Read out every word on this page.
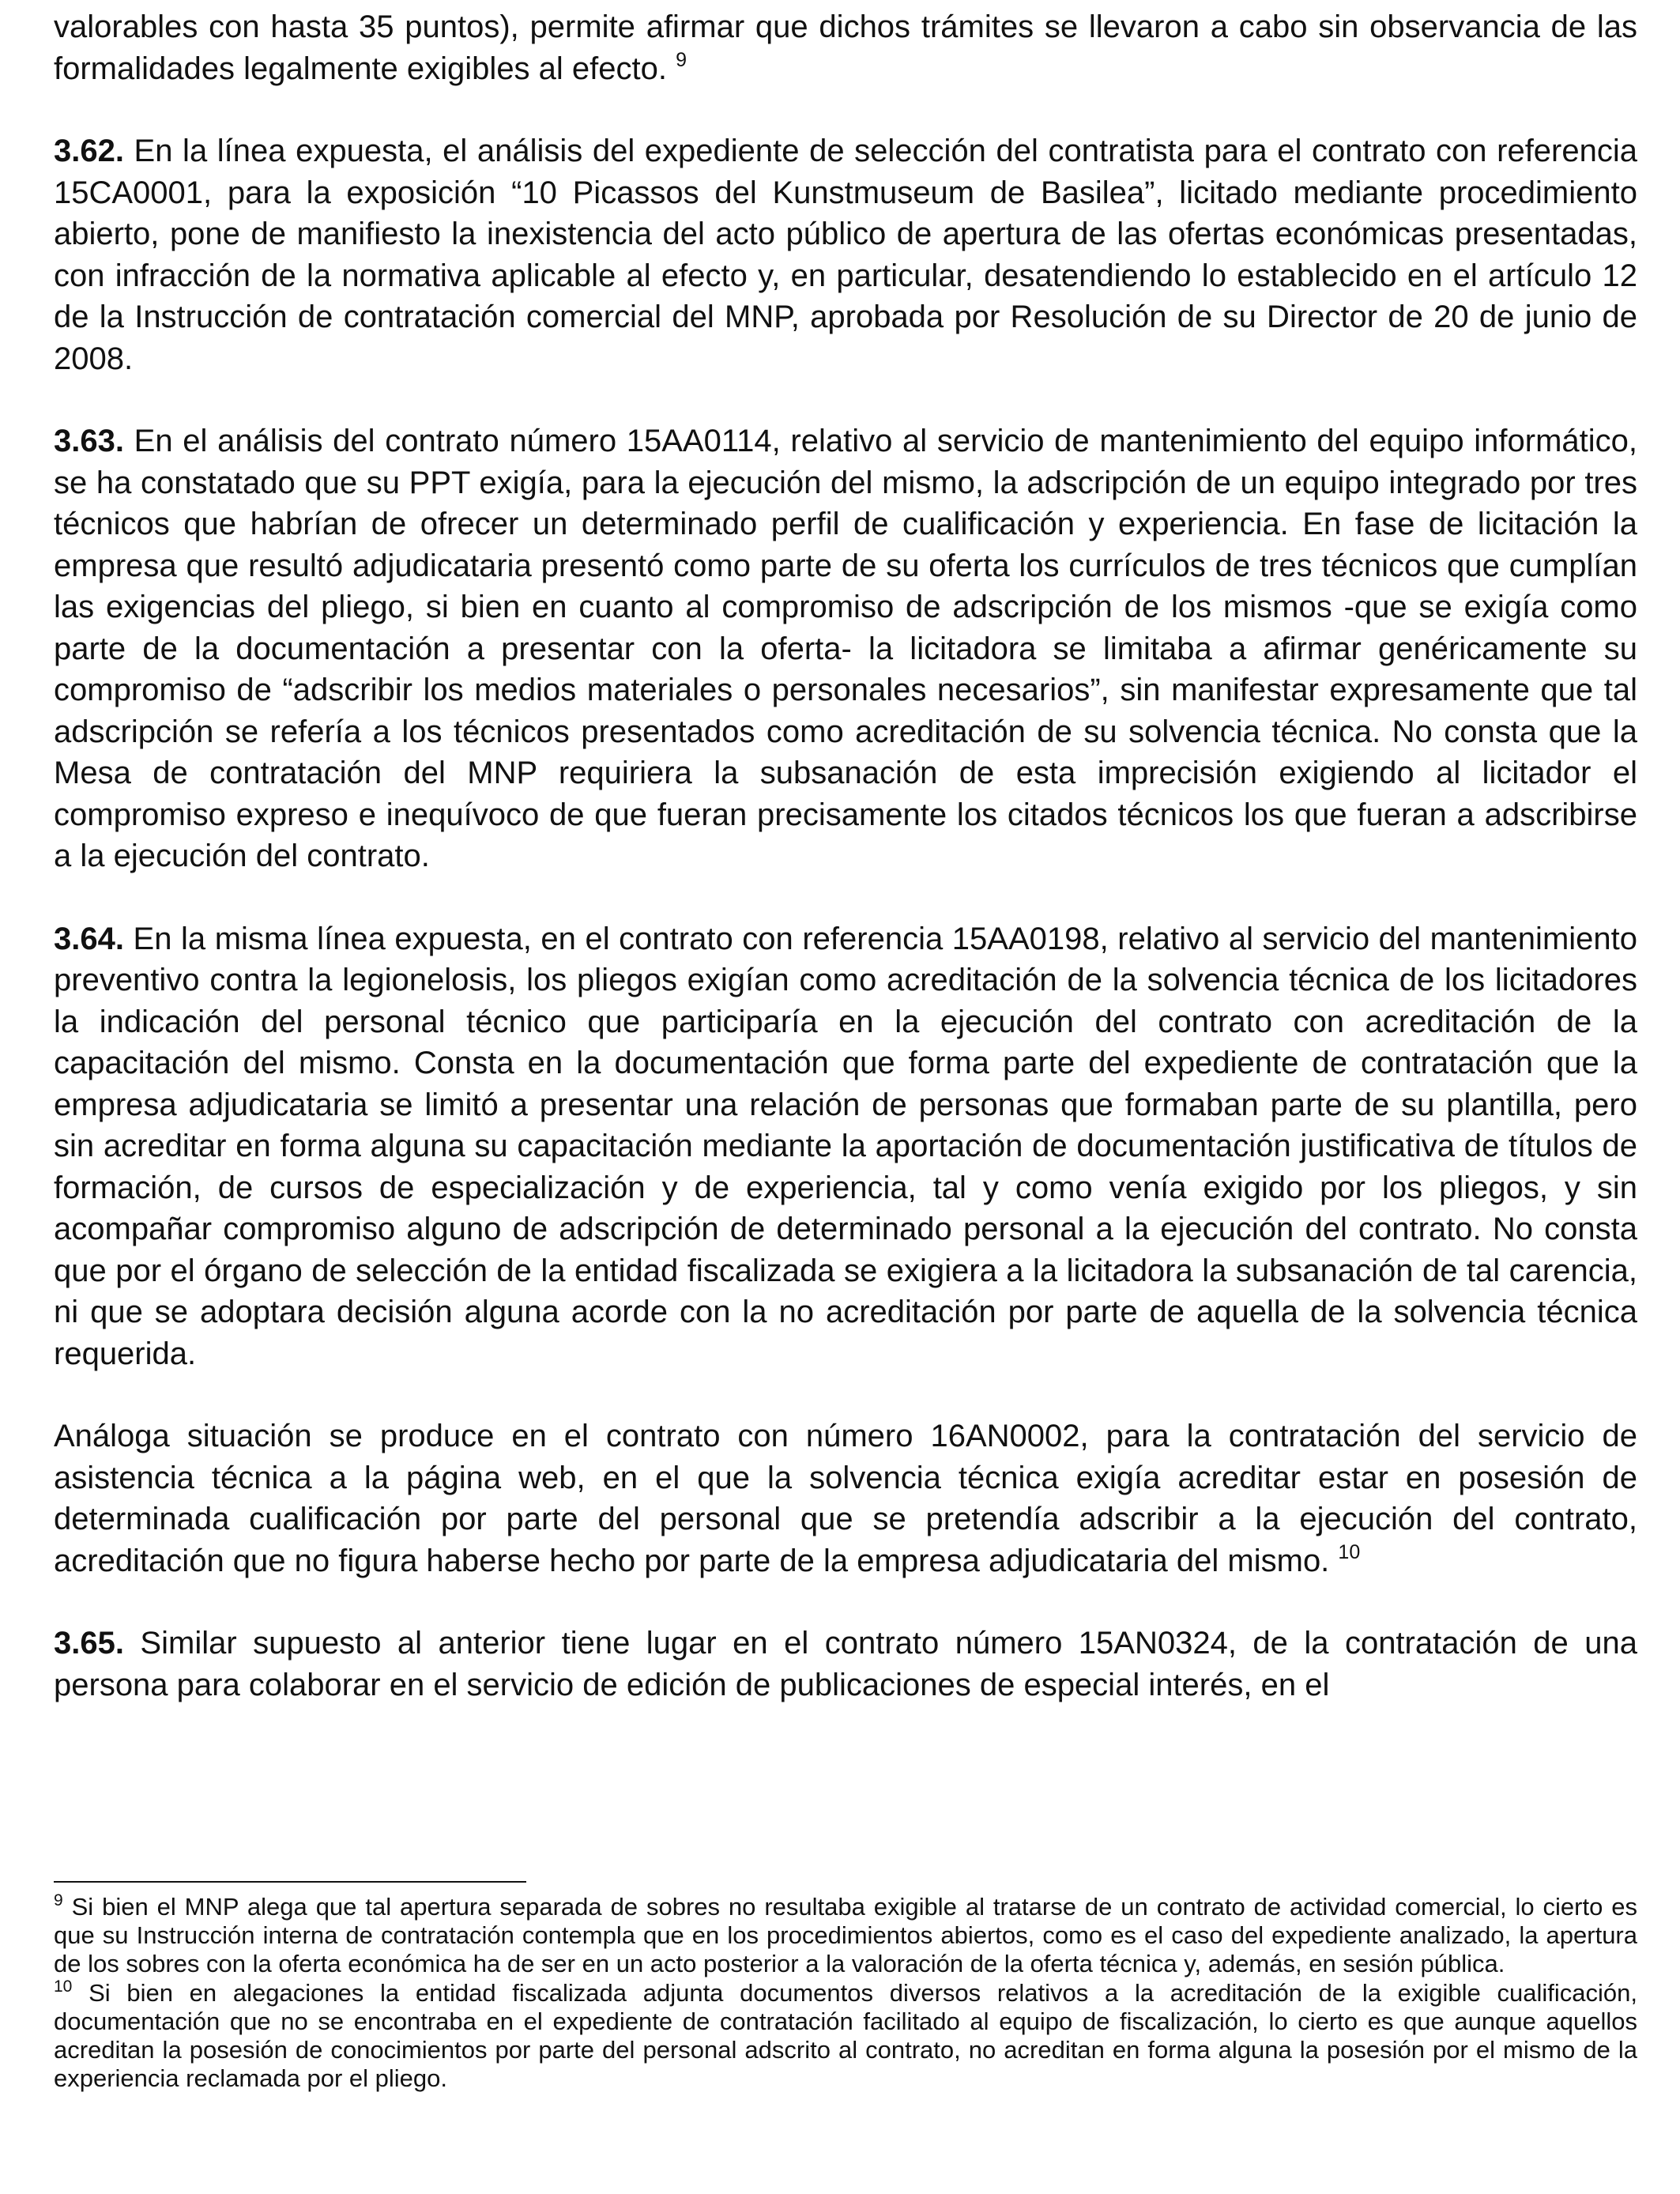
valorables con hasta 35 puntos), permite afirmar que dichos trámites se llevaron a cabo sin observancia de las formalidades legalmente exigibles al efecto. $^9$

3.62. En la línea expuesta, el análisis del expediente de selección del contratista para el contrato con referencia 15CA0001, para la exposición “10 Picassos del Kunstmuseum de Basilea”, licitado mediante procedimiento abierto, pone de manifiesto la inexistencia del acto público de apertura de las ofertas económicas presentadas, con infracción de la normativa aplicable al efecto y, en particular, desatendiendo lo establecido en el artículo 12 de la Instrucción de contratación comercial del MNP, aprobada por Resolución de su Director de 20 de junio de 2008.

3.63. En el análisis del contrato número 15AA0114, relativo al servicio de mantenimiento del equipo informático, se ha constatado que su PPT exigía, para la ejecución del mismo, la adscripción de un equipo integrado por tres técnicos que habrían de ofrecer un determinado perfil de cualificación y experiencia. En fase de licitación la empresa que resultó adjudicataria presentó como parte de su oferta los currículos de tres técnicos que cumplían las exigencias del pliego, si bien en cuanto al compromiso de adscripción de los mismos -que se exigía como parte de la documentación a presentar con la oferta- la licitadora se limitaba a afirmar genéricamente su compromiso de “adscribir los medios materiales o personales necesarios”, sin manifestar expresamente que tal adscripción se refería a los técnicos presentados como acreditación de su solvencia técnica. No consta que la Mesa de contratación del MNP requiriera la subsanación de esta imprecisión exigiendo al licitador el compromiso expreso e inequívoco de que fueran precisamente los citados técnicos los que fueran a adscribirse a la ejecución del contrato.

3.64. En la misma línea expuesta, en el contrato con referencia 15AA0198, relativo al servicio del mantenimiento preventivo contra la legionelosis, los pliegos exigían como acreditación de la solvencia técnica de los licitadores la indicación del personal técnico que participaría en la ejecución del contrato con acreditación de la capacitación del mismo. Consta en la documentación que forma parte del expediente de contratación que la empresa adjudicataria se limitó a presentar una relación de personas que formaban parte de su plantilla, pero sin acreditar en forma alguna su capacitación mediante la aportación de documentación justificativa de títulos de formación, de cursos de especialización y de experiencia, tal y como venía exigido por los pliegos, y sin acompañar compromiso alguno de adscripción de determinado personal a la ejecución del contrato. No consta que por el órgano de selección de la entidad fiscalizada se exigiera a la licitadora la subsanación de tal carencia, ni que se adoptara decisión alguna acorde con la no acreditación por parte de aquella de la solvencia técnica requerida.

Análoga situación se produce en el contrato con número 16AN0002, para la contratación del servicio de asistencia técnica a la página web, en el que la solvencia técnica exigía acreditar estar en posesión de determinada cualificación por parte del personal que se pretendía adscribir a la ejecución del contrato, acreditación que no figura haberse hecho por parte de la empresa adjudicataria del mismo. $^{10}$

3.65. Similar supuesto al anterior tiene lugar en el contrato número 15AN0324, de la contratación de una persona para colaborar en el servicio de edición de publicaciones de especial interés, en el

$^9$ Si bien el MNP alega que tal apertura separada de sobres no resultaba exigible al tratarse de un contrato de actividad comercial, lo cierto es que su Instrucción interna de contratación contempla que en los procedimientos abiertos, como es el caso del expediente analizado, la apertura de los sobres con la oferta económica ha de ser en un acto posterior a la valoración de la oferta técnica y, además, en sesión pública.

$^{10}$ Si bien en alegaciones la entidad fiscalizada adjunta documentos diversos relativos a la acreditación de la exigible cualificación, documentación que no se encontraba en el expediente de contratación facilitado al equipo de fiscalización, lo cierto es que aunque aquellos acreditan la posesión de conocimientos por parte del personal adscrito al contrato, no acreditan en forma alguna la posesión por el mismo de la experiencia reclamada por el pliego.
